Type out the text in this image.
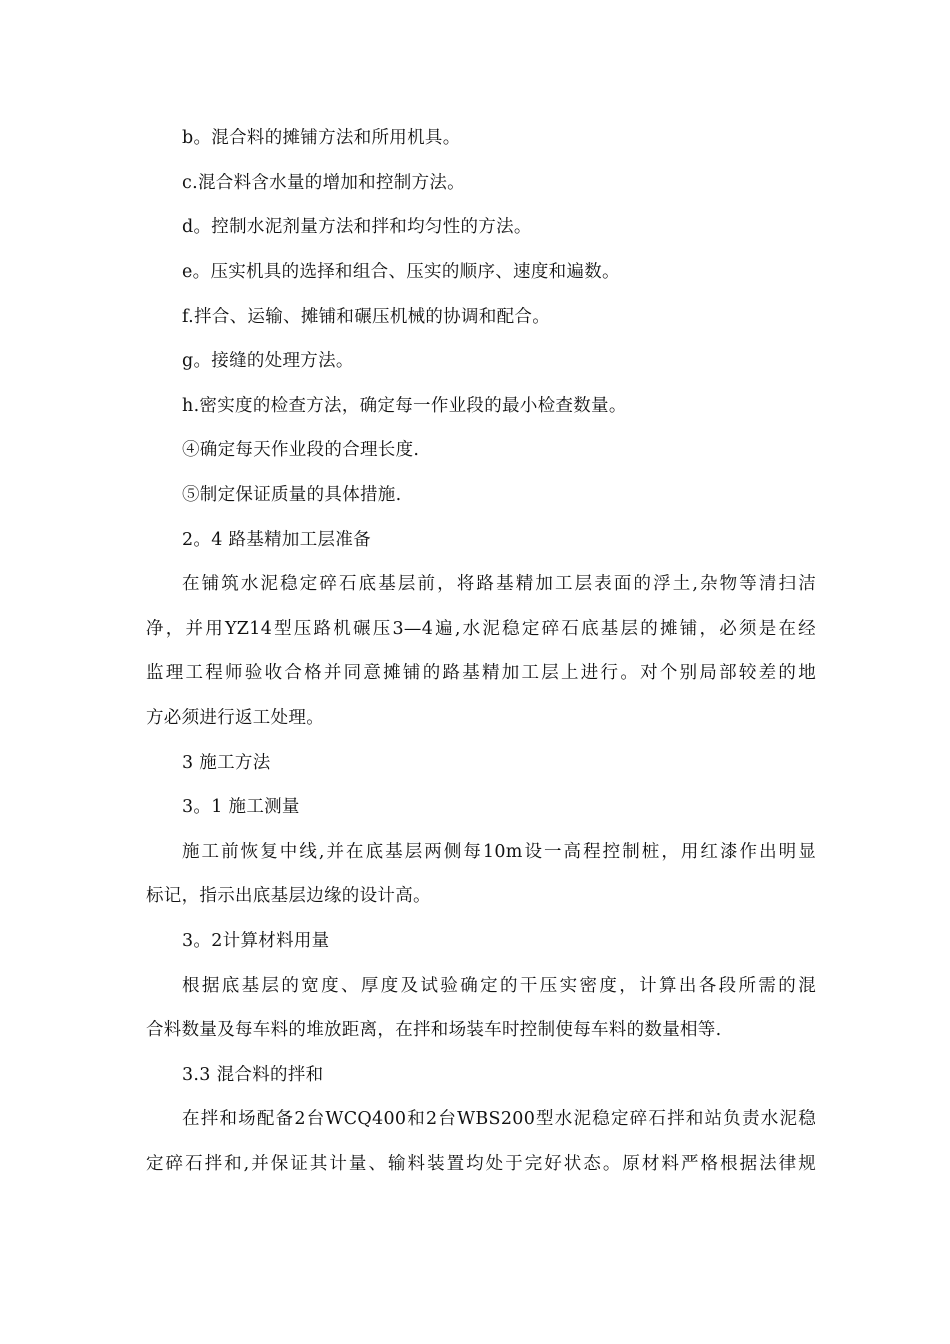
b。混合料的摊铺方法和所用机具。
c.混合料含水量的增加和控制方法。
d。控制水泥剂量方法和拌和均匀性的方法。
e。压实机具的选择和组合、压实的顺序、速度和遍数。
f.拌合、运输、摊铺和碾压机械的协调和配合。
g。接缝的处理方法。
h.密实度的检查方法，确定每一作业段的最小检查数量。
④确定每天作业段的合理长度.
⑤制定保证质量的具体措施.
2。4 路基精加工层准备
在铺筑水泥稳定碎石底基层前，将路基精加工层表面的浮土,杂物等清扫洁
净，并用YZ14型压路机碾压3—4遍,水泥稳定碎石底基层的摊铺，必须是在经
监理工程师验收合格并同意摊铺的路基精加工层上进行。对个别局部较差的地
方必须进行返工处理。
3 施工方法
3。1 施工测量
施工前恢复中线,并在底基层两侧每10m设一高程控制桩，用红漆作出明显
标记，指示出底基层边缘的设计高。
3。2计算材料用量
根据底基层的宽度、厚度及试验确定的干压实密度，计算出各段所需的混
合料数量及每车料的堆放距离，在拌和场装车时控制使每车料的数量相等.
3.3 混合料的拌和
在拌和场配备2台WCQ400和2台WBS200型水泥稳定碎石拌和站负责水泥稳
定碎石拌和,并保证其计量、输料装置均处于完好状态。原材料严格根据法律规
